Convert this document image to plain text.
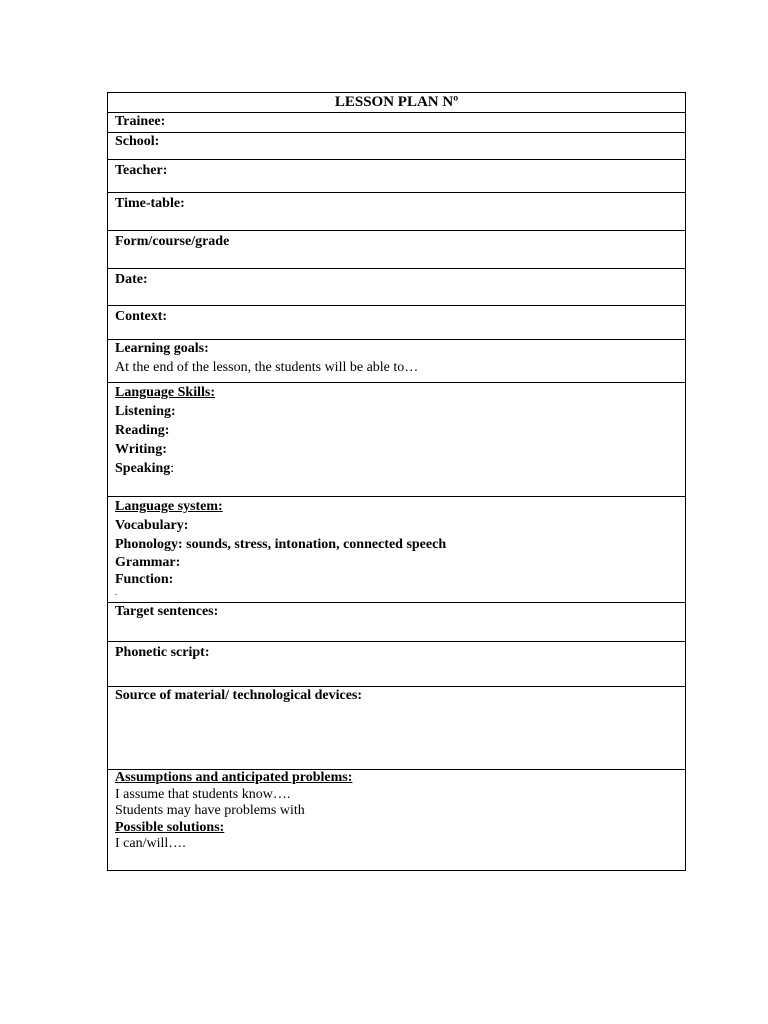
LESSON PLAN Nº
Trainee:
School:
Teacher:
Time-table:
Form/course/grade
Date:
Context:
Learning goals:
At the end of the lesson, the students will be able to…
Language Skills:
Listening:
Reading:
Writing:
Speaking:
Language system:
Vocabulary:
Phonology: sounds, stress, intonation, connected speech
Grammar:
Function:
.
Target sentences:
Phonetic script:
Source of material/ technological devices:
Assumptions and anticipated problems:
I assume that students know….
Students may have problems with
Possible solutions:
I can/will….
